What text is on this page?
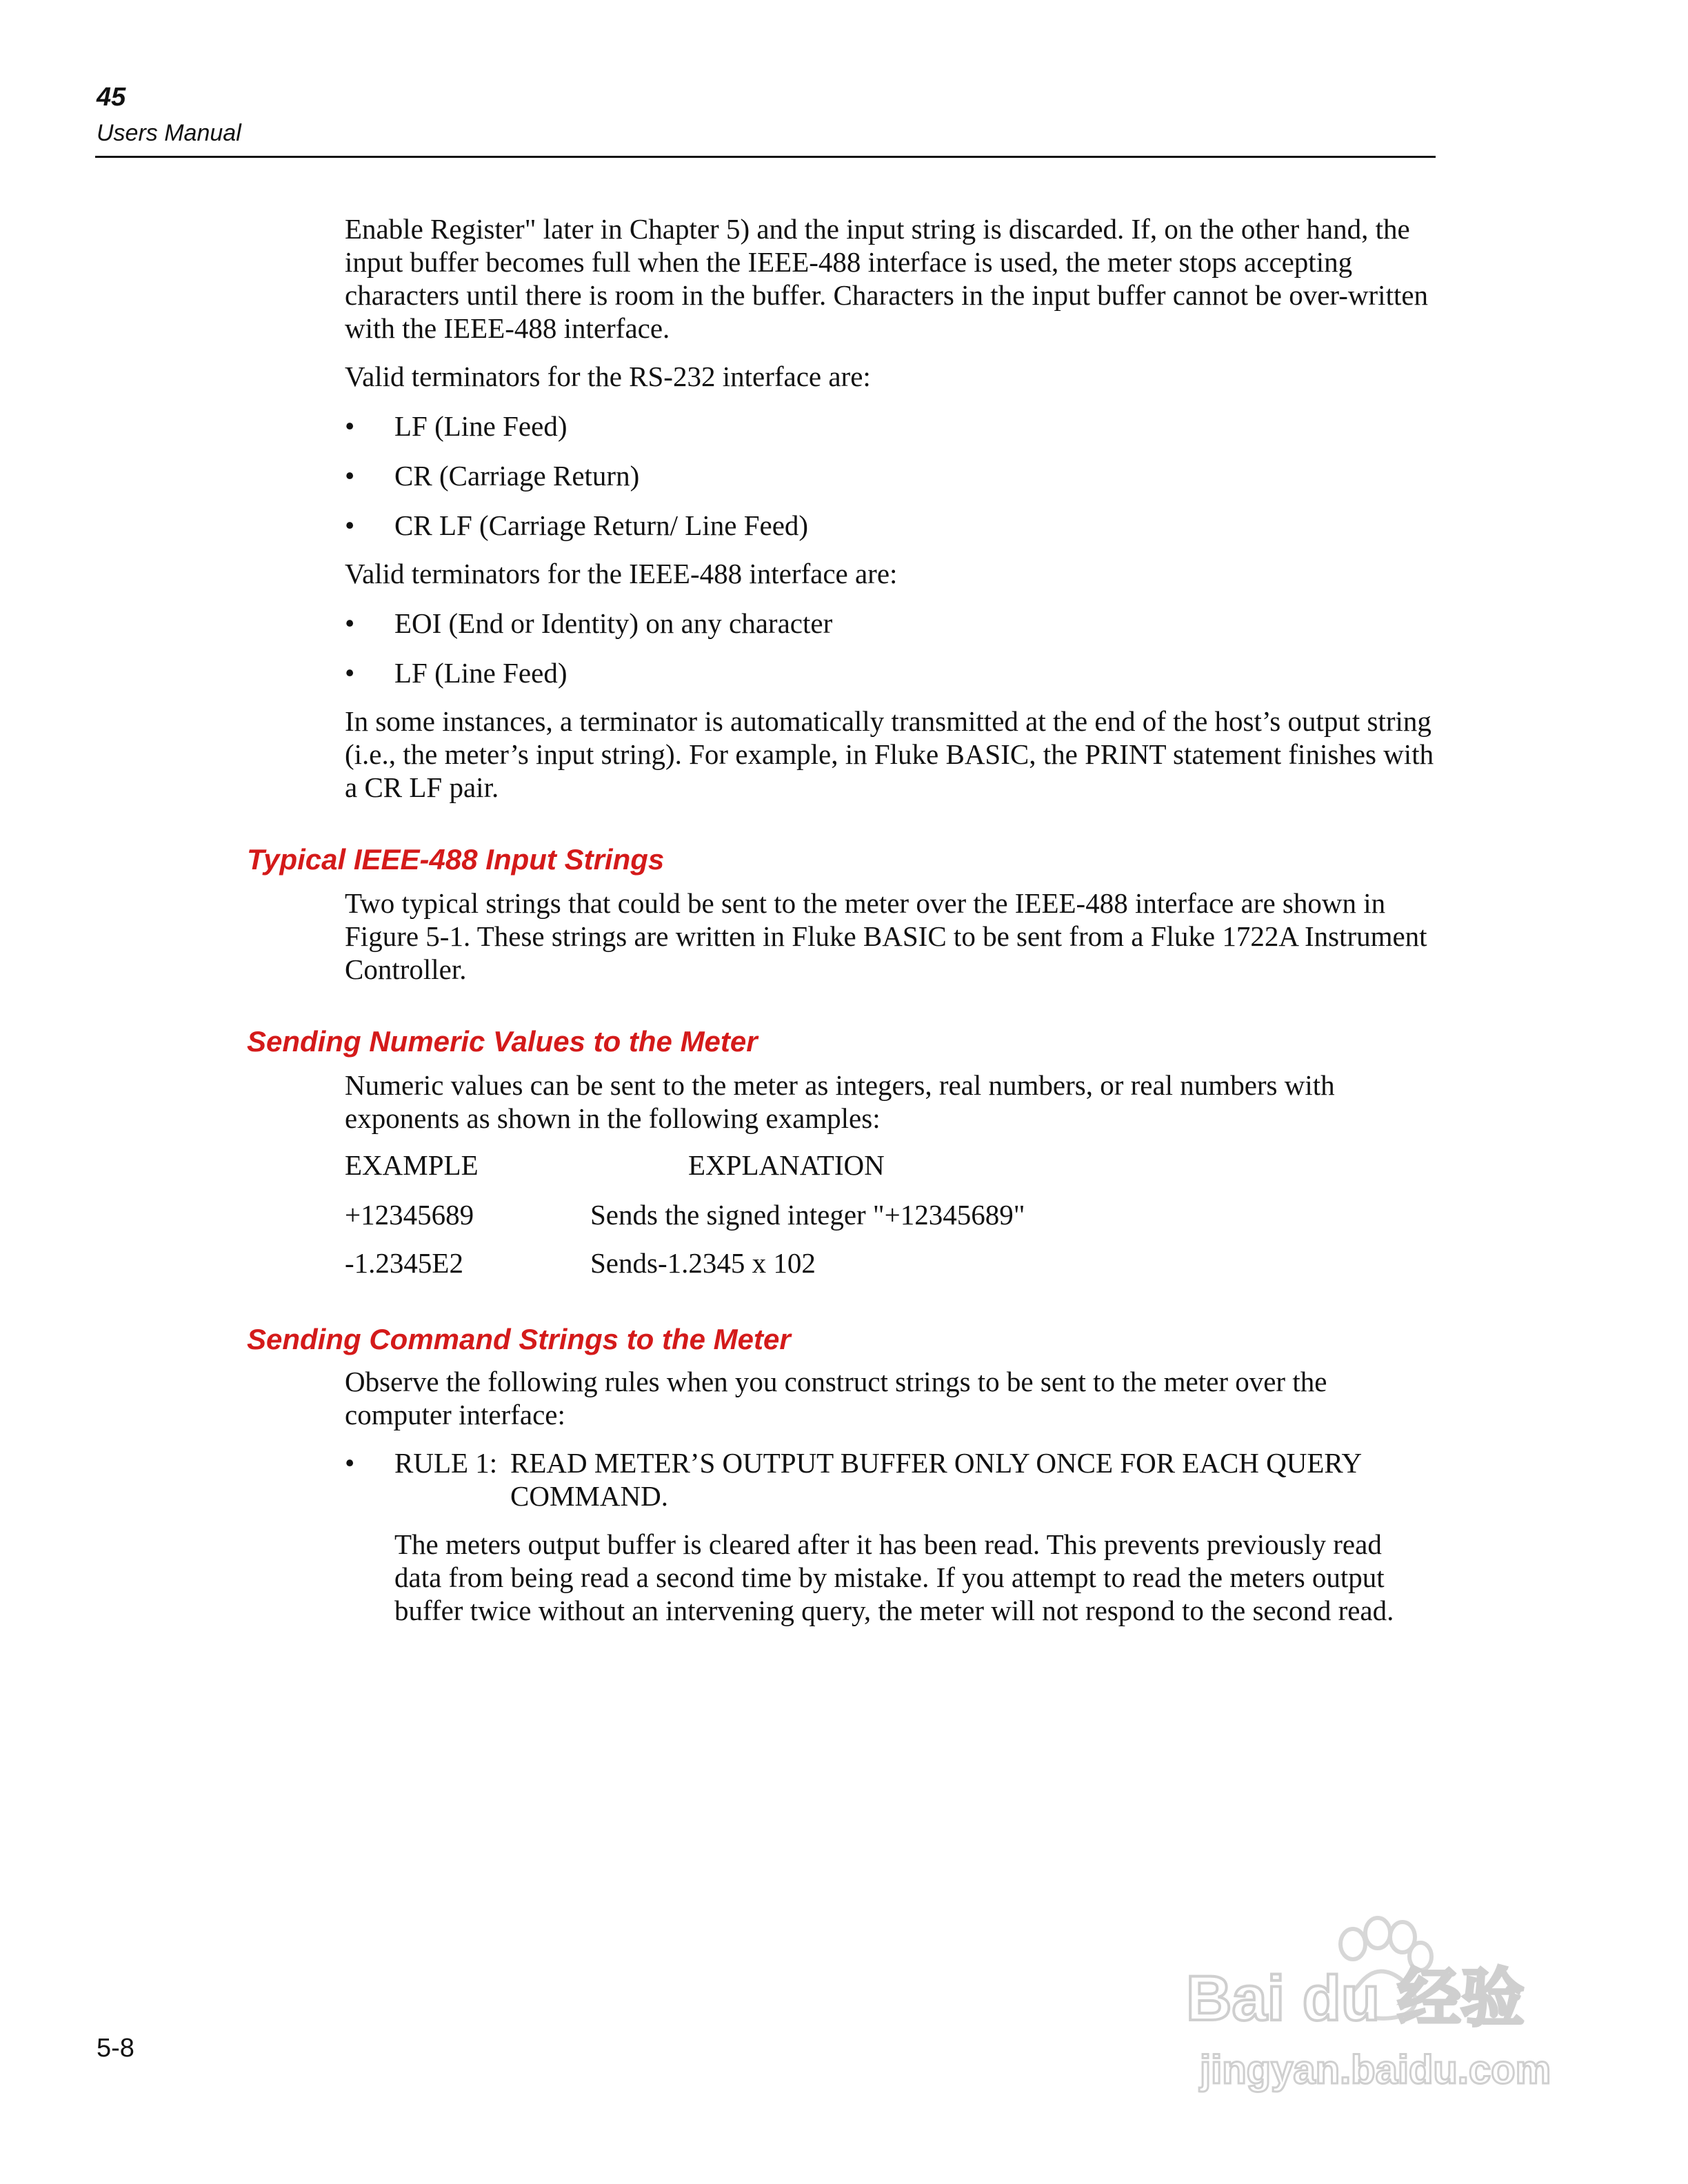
45
Users Manual

Enable Register" later in Chapter 5) and the input string is discarded. If, on the other hand, the input buffer becomes full when the IEEE-488 interface is used, the meter stops accepting characters until there is room in the buffer. Characters in the input buffer cannot be over-written with the IEEE-488 interface.

Valid terminators for the RS-232 interface are:

• LF (Line Feed)
• CR (Carriage Return)
• CR LF (Carriage Return/ Line Feed)

Valid terminators for the IEEE-488 interface are:

• EOI (End or Identity) on any character
• LF (Line Feed)

In some instances, a terminator is automatically transmitted at the end of the host’s output string (i.e., the meter’s input string). For example, in Fluke BASIC, the PRINT statement finishes with a CR LF pair.

Typical IEEE-488 Input Strings

Two typical strings that could be sent to the meter over the IEEE-488 interface are shown in Figure 5-1. These strings are written in Fluke BASIC to be sent from a Fluke 1722A Instrument Controller.

Sending Numeric Values to the Meter

Numeric values can be sent to the meter as integers, real numbers, or real numbers with exponents as shown in the following examples:

EXAMPLE	EXPLANATION
+12345689	Sends the signed integer "+12345689"
-1.2345E2	Sends-1.2345 x 102
Sending Command Strings to the Meter

Observe the following rules when you construct strings to be sent to the meter over the computer interface:

• RULE 1: READ METER’S OUTPUT BUFFER ONLY ONCE FOR EACH QUERY
COMMAND.

The meters output buffer is cleared after it has been read. This prevents previously read data from being read a second time by mistake. If you attempt to read the meters output buffer twice without an intervening query, the meter will not respond to the second read.

5-8
Bai du 经验
jingyan.baidu.com
